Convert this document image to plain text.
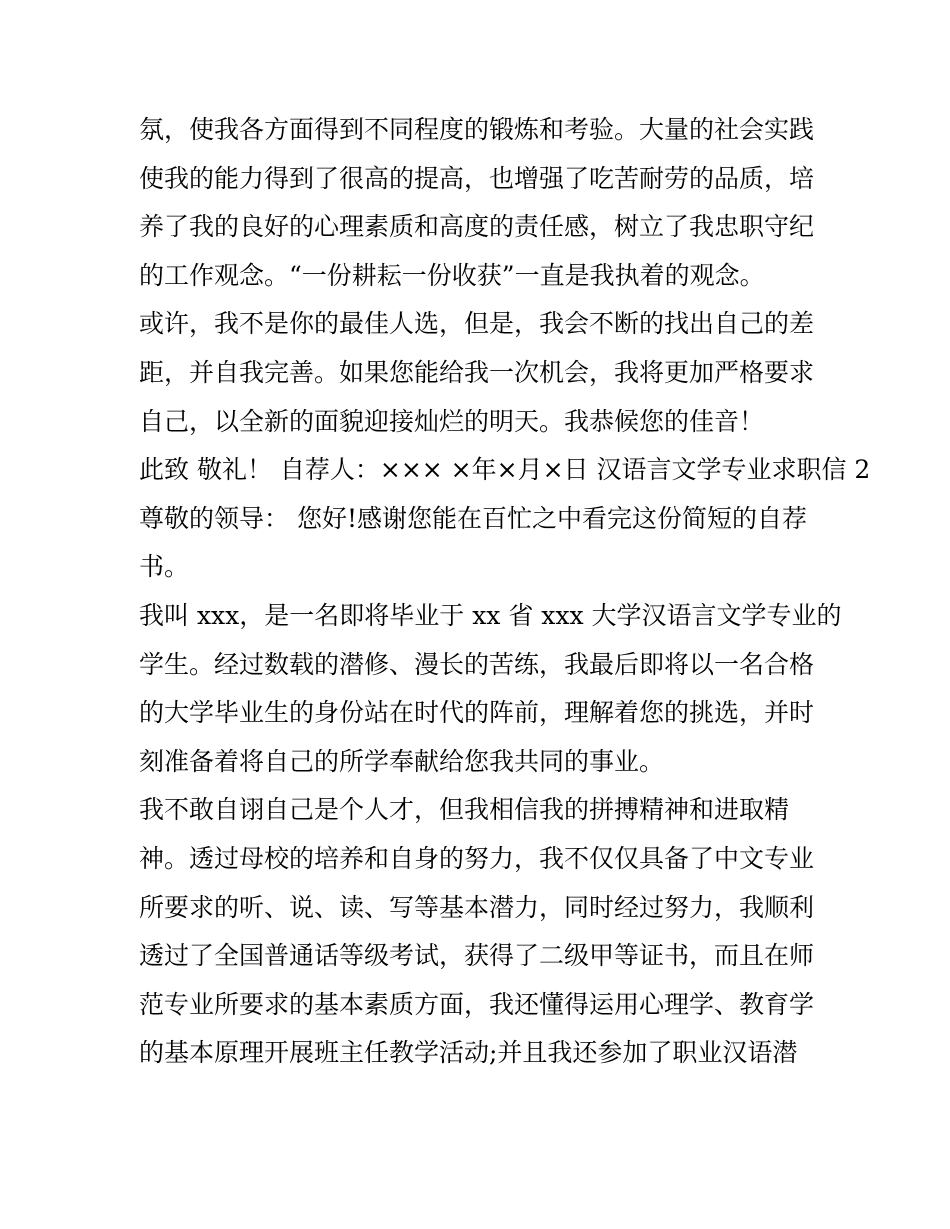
氛，使我各方面得到不同程度的锻炼和考验。大量的社会实践
使我的能力得到了很高的提高，也增强了吃苦耐劳的品质，培
养了我的良好的心理素质和高度的责任感，树立了我忠职守纪
的工作观念。“一份耕耘一份收获”一直是我执着的观念。
或许，我不是你的最佳人选，但是，我会不断的找出自己的差
距，并自我完善。如果您能给我一次机会，我将更加严格要求
自己，以全新的面貌迎接灿烂的明天。我恭候您的佳音！
此致 敬礼！ 自荐人：××× ×年×月×日 汉语言文学专业求职信 2
尊敬的领导： 您好!感谢您能在百忙之中看完这份简短的自荐
书。
我叫 xxx，是一名即将毕业于 xx 省 xxx 大学汉语言文学专业的
学生。经过数载的潜修、漫长的苦练，我最后即将以一名合格
的大学毕业生的身份站在时代的阵前，理解着您的挑选，并时
刻准备着将自己的所学奉献给您我共同的事业。
我不敢自诩自己是个人才，但我相信我的拼搏精神和进取精
神。透过母校的培养和自身的努力，我不仅仅具备了中文专业
所要求的听、说、读、写等基本潜力，同时经过努力，我顺利
透过了全国普通话等级考试，获得了二级甲等证书，而且在师
范专业所要求的基本素质方面，我还懂得运用心理学、教育学
的基本原理开展班主任教学活动;并且我还参加了职业汉语潜
